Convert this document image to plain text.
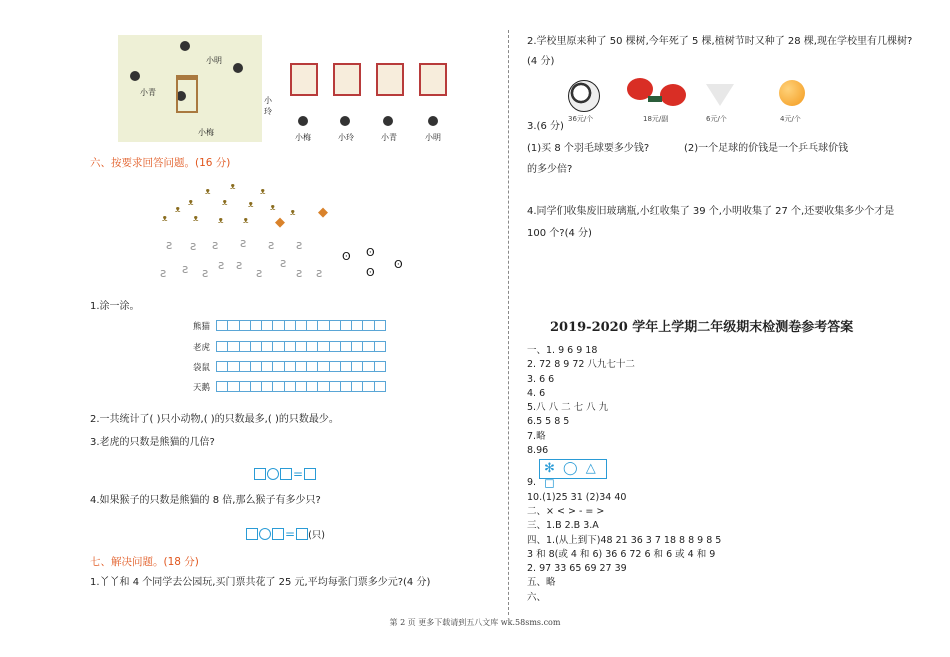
小明
小青
小梅
小玲
小梅	小玲	小青	小明
六、按要求回答问题。(16 分)
ᴥ
ᴥ	ᴥ
ᴥ	ᴥ ᴥ
ᴥ	ᴥ
ᴥ	ᴥ ᴥ ᴥ
ᴥ
◆
◆
ƨ ƨ ƨ ƨ ƨ ƨ
ƨ ƨ ƨ
ƨ ƨ
ƨ
ƨ
ƨ ƨ
ʘ ʘ
ʘ
ʘ
1.涂一涂。
熊猫
老虎
袋鼠
天鹅
2.一共统计了( )只小动物,( )的只数最多,( )的只数最少。
3.老虎的只数是熊猫的几倍?
=
4.如果猴子的只数是熊猫的 8 倍,那么猴子有多少只?
= (只)
七、解决问题。(18 分)
1.丫丫和 4 个同学去公园玩,买门票共花了 25 元,平均每张门票多少元?(4 分)
2.学校里原来种了 50 棵树,今年死了 5 棵,植树节时又种了 28 棵,现在学校里有几棵树?
(4 分)
36元/个	18元/副	6元/个	4元/个
3.(6 分)
(1)买 8 个羽毛球要多少钱?	(2)一个足球的价钱是一个乒乓球价钱
的多少倍?
4.同学们收集废旧玻璃瓶,小红收集了 39 个,小明收集了 27 个,还要收集多少个才是
100 个?(4 分)
2019-2020 学年上学期二年级期末检测卷参考答案
一、1. 9 6 9 18
2. 72 8 9 72 八九七十二
3. 6 6
4. 6
5.八 八 二 七 八 九
6.5 5 8 5
7.略
8.96
9.
10.(1)25 31 (2)34 40
二、× < > - = >
三、1.B 2.B 3.A
四、1.(从上到下)48 21 36 3 7 18 8 8 9 8 5
3 和 8(或 4 和 6) 36 6 72 6 和 6 或 4 和 9
2. 97 33 65 69 27 39
五、略
六、
✻ ◯ △ ◻
第 2 页 更多下载请到五八文库 wk.58sms.com
